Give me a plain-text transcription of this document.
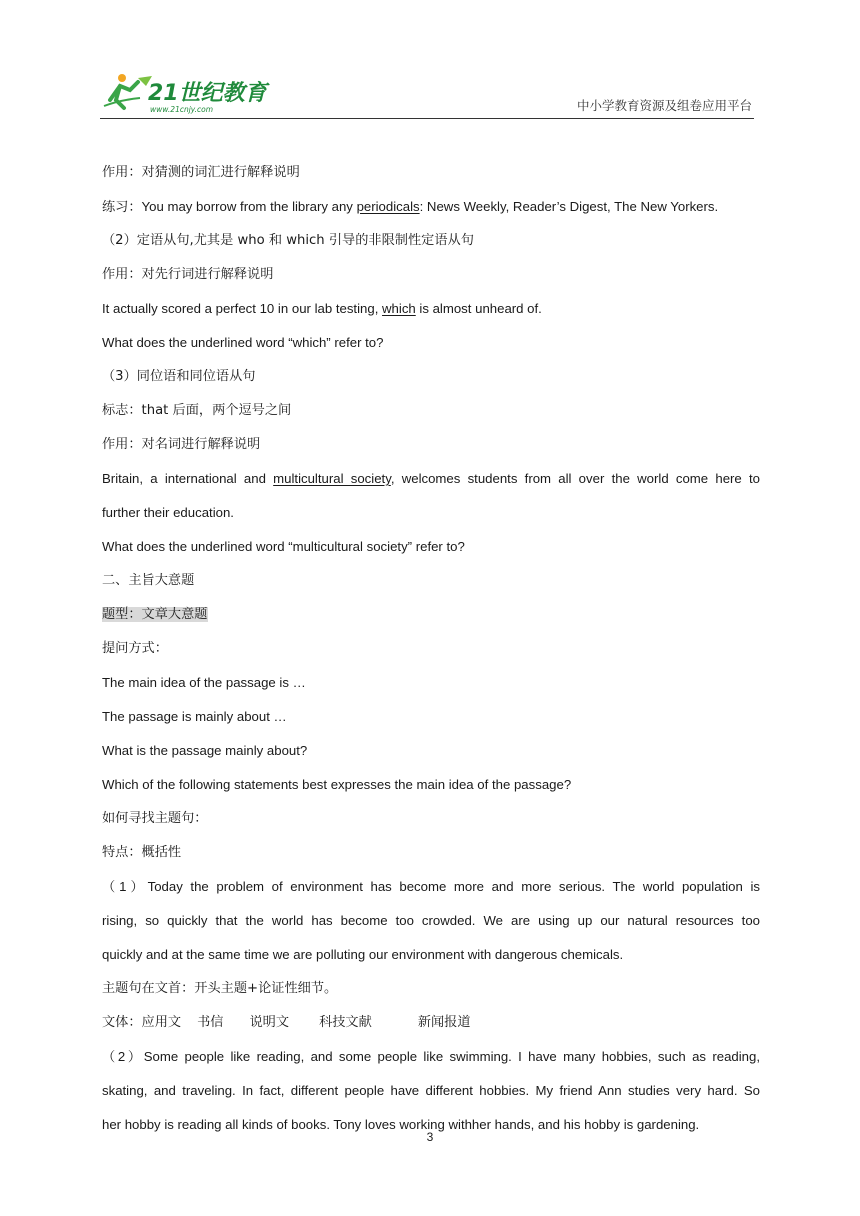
21世纪教育
www.21cnjy.com	中小学教育资源及组卷应用平台
作用：对猜测的词汇进行解释说明
练习：You may borrow from the library any periodicals: News Weekly, Reader’s Digest, The New Yorkers.
（2）定语从句,尤其是 who 和 which 引导的非限制性定语从句
作用：对先行词进行解释说明
It actually scored a perfect 10 in our lab testing, which is almost unheard of.
What does the underlined word “which” refer to?
（3）同位语和同位语从句
标志：that 后面，两个逗号之间
作用：对名词进行解释说明
Britain, a international and multicultural society, welcomes students from all over the world come here to
further their education.
What does the underlined word “multicultural society” refer to?
二、主旨大意题
题型：文章大意题
提问方式：
The main idea of the passage is …
The passage is mainly about …
What is the passage mainly about?
Which of the following statements best expresses the main idea of the passage?
如何寻找主题句：
特点：概括性
（1）Today the problem of environment has become more and more serious. The world population is
rising, so quickly that the world has become too crowded. We are using up our natural resources too
quickly and at the same time we are polluting our environment with dangerous chemicals.
主题句在文首：开头主题+论证性细节。
文体：应用文 书信 说明文 科技文献	新闻报道
（2）Some people like reading, and some people like swimming. I have many hobbies, such as reading,
skating, and traveling. In fact, different people have different hobbies. My friend Ann studies very hard. So
her hobby is reading all kinds of books. Tony loves working withher hands, and his hobby is gardening.
3
